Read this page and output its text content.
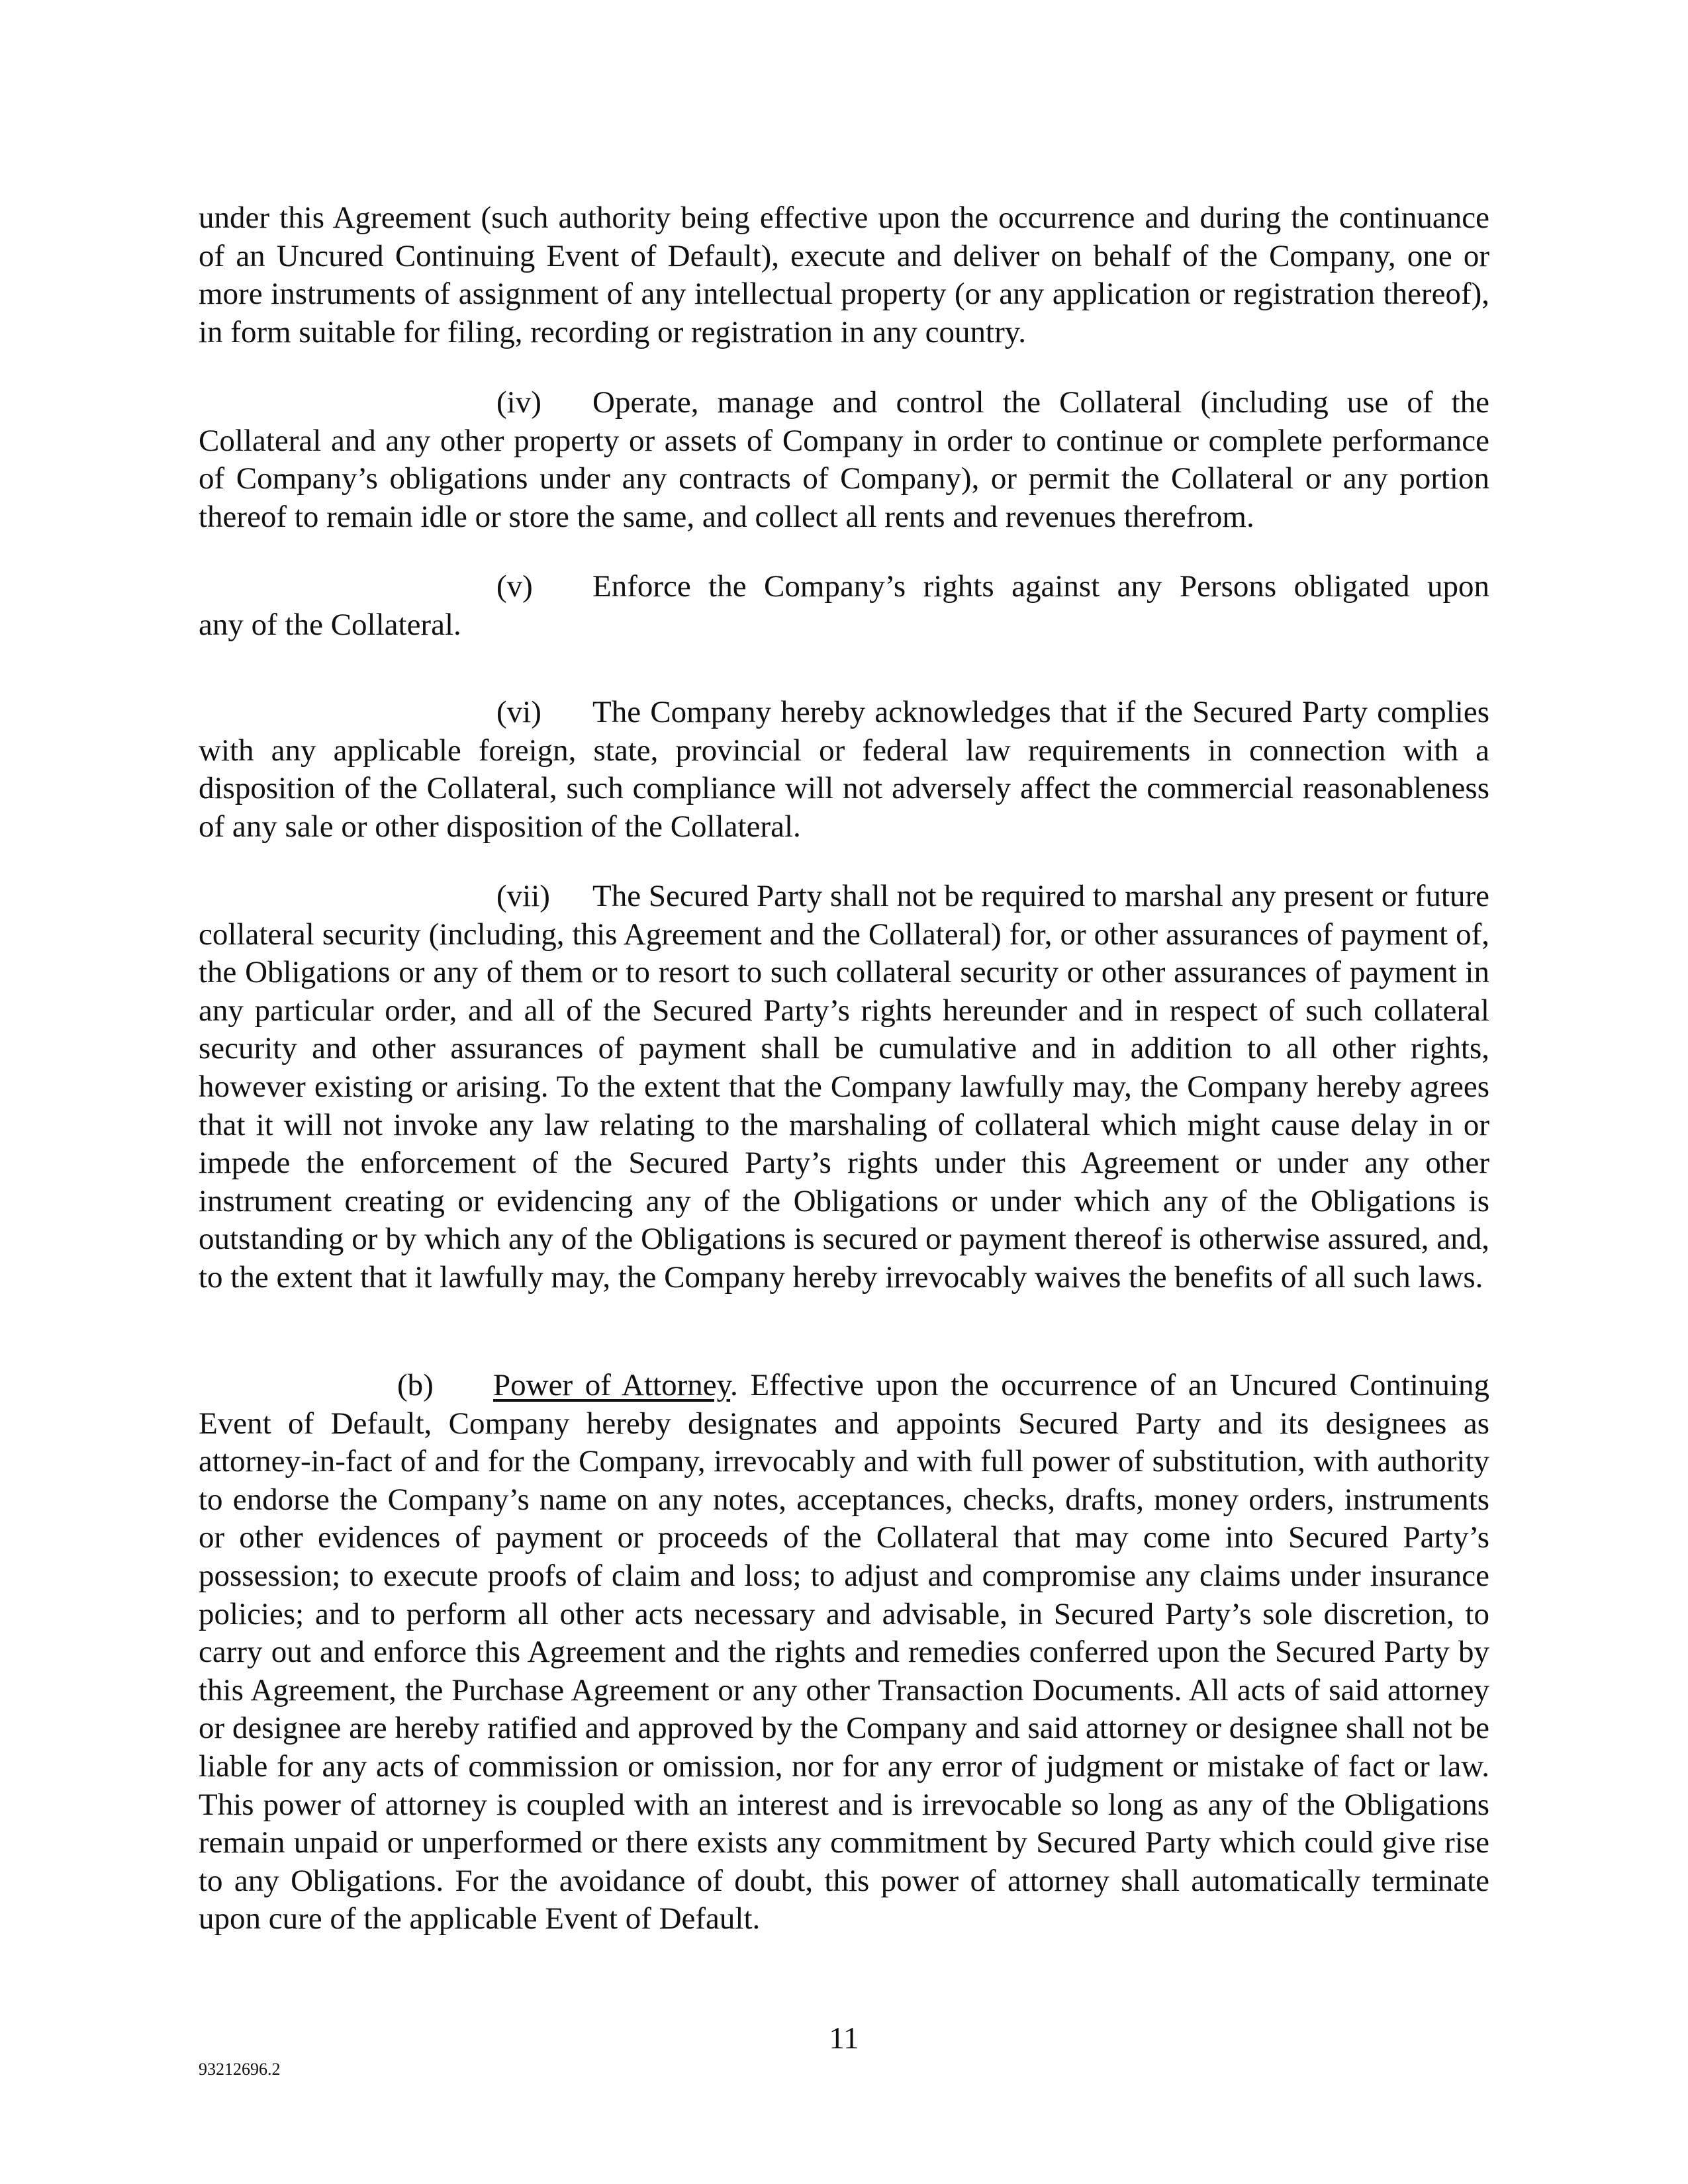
under this Agreement (such authority being effective upon the occurrence and during the continuance of an Uncured Continuing Event of Default), execute and deliver on behalf of the Company, one or more instruments of assignment of any intellectual property (or any application or registration thereof), in form suitable for filing, recording or registration in any country.

(iv) Operate, manage and control the Collateral (including use of the Collateral and any other property or assets of Company in order to continue or complete performance of Company’s obligations under any contracts of Company), or permit the Collateral or any portion thereof to remain idle or store the same, and collect all rents and revenues therefrom.

(v) Enforce the Company’s rights against any Persons obligated upon

any of the Collateral.

(vi) The Company hereby acknowledges that if the Secured Party complies with any applicable foreign, state, provincial or federal law requirements in connection with a disposition of the Collateral, such compliance will not adversely affect the commercial reasonableness of any sale or other disposition of the Collateral.

(vii) The Secured Party shall not be required to marshal any present or future collateral security (including, this Agreement and the Collateral) for, or other assurances of payment of, the Obligations or any of them or to resort to such collateral security or other assurances of payment in any particular order, and all of the Secured Party’s rights hereunder and in respect of such collateral security and other assurances of payment shall be cumulative and in addition to all other rights, however existing or arising. To the extent that the Company lawfully may, the Company hereby agrees that it will not invoke any law relating to the marshaling of collateral which might cause delay in or impede the enforcement of the Secured Party’s rights under this Agreement or under any other instrument creating or evidencing any of the Obligations or under which any of the Obligations is outstanding or by which any of the Obligations is secured or payment thereof is otherwise assured, and, to the extent that it lawfully may, the Company hereby irrevocably waives the benefits of all such laws.

(b) Power of Attorney. Effective upon the occurrence of an Uncured Continuing Event of Default, Company hereby designates and appoints Secured Party and its designees as attorney-in-fact of and for the Company, irrevocably and with full power of substitution, with authority to endorse the Company’s name on any notes, acceptances, checks, drafts, money orders, instruments or other evidences of payment or proceeds of the Collateral that may come into Secured Party’s possession; to execute proofs of claim and loss; to adjust and compromise any claims under insurance policies; and to perform all other acts necessary and advisable, in Secured Party’s sole discretion, to carry out and enforce this Agreement and the rights and remedies conferred upon the Secured Party by this Agreement, the Purchase Agreement or any other Transaction Documents. All acts of said attorney or designee are hereby ratified and approved by the Company and said attorney or designee shall not be liable for any acts of commission or omission, nor for any error of judgment or mistake of fact or law. This power of attorney is coupled with an interest and is irrevocable so long as any of the Obligations remain unpaid or unperformed or there exists any commitment by Secured Party which could give rise to any Obligations. For the avoidance of doubt, this power of attorney shall automatically terminate upon cure of the applicable Event of Default.

11
93212696.2
